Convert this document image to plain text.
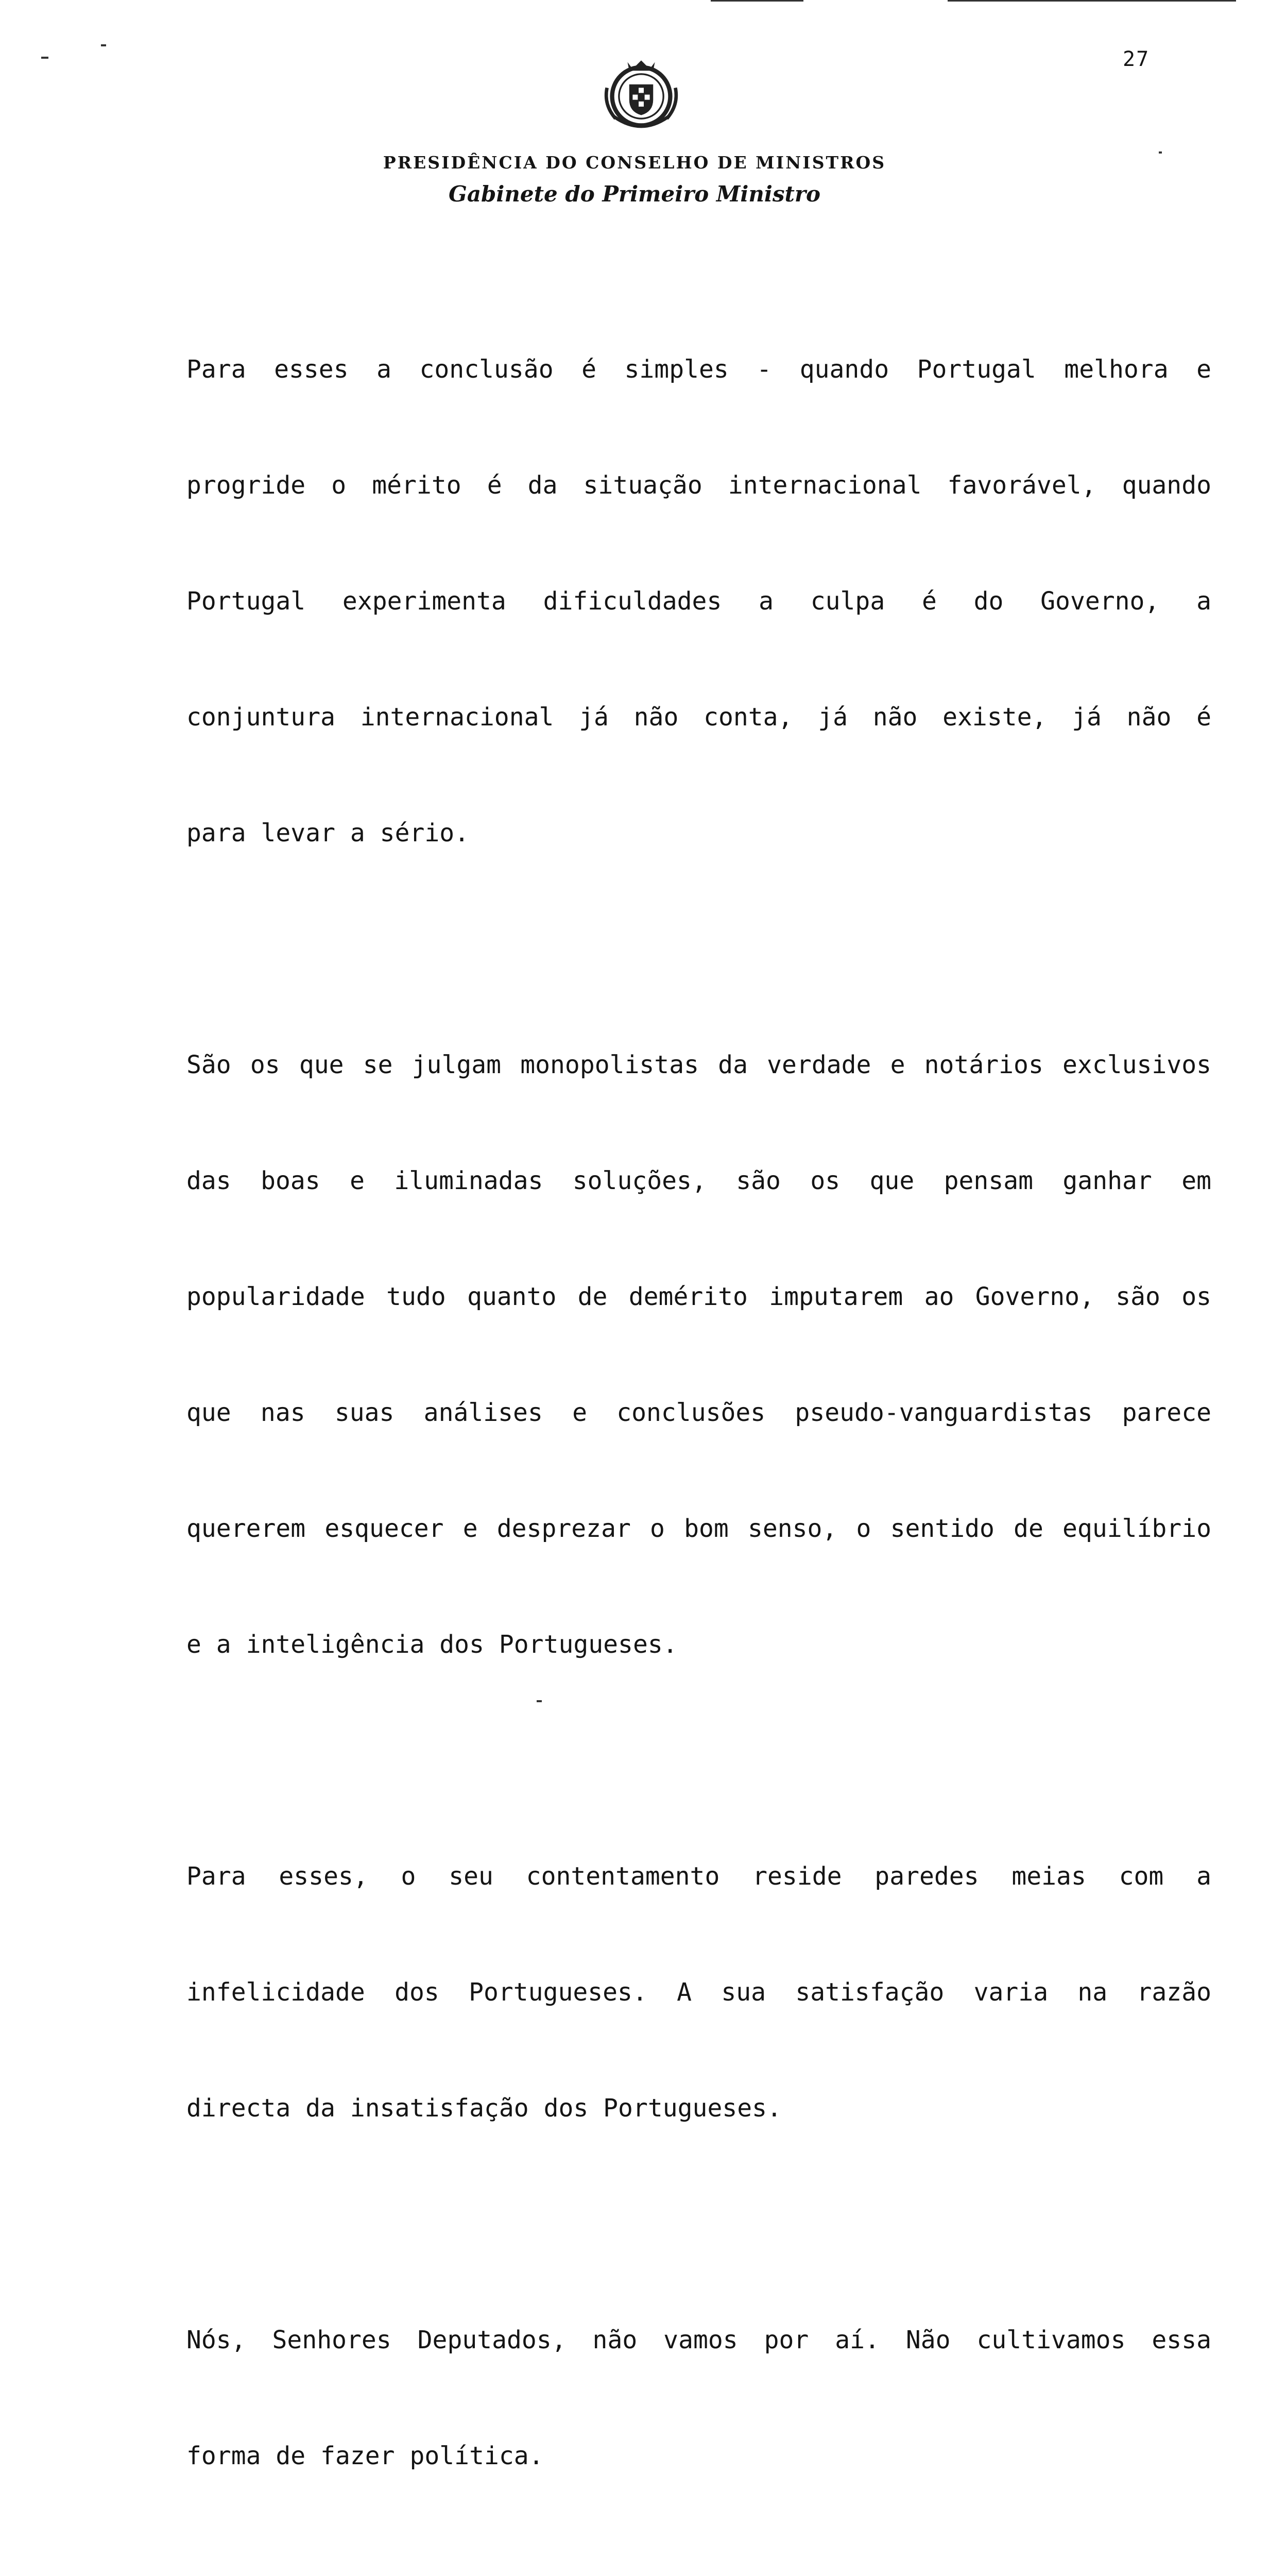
27
PRESIDÊNCIA DO CONSELHO DE MINISTROS
Gabinete do Primeiro Ministro

Para esses a conclusão é simples - quando Portugal melhora e

progride o mérito é da situação internacional favorável, quando

Portugal experimenta dificuldades a culpa é do Governo, a

conjuntura internacional já não conta, já não existe, já não é

para levar a sério.

São os que se julgam monopolistas da verdade e notários exclusivos

das boas e iluminadas soluções, são os que pensam ganhar em

popularidade tudo quanto de demérito imputarem ao Governo, são os

que nas suas análises e conclusões pseudo-vanguardistas parece

quererem esquecer e desprezar o bom senso, o sentido de equilíbrio

e a inteligência dos Portugueses.

Para esses, o seu contentamento reside paredes meias com a

infelicidade dos Portugueses. A sua satisfação varia na razão

directa da insatisfação dos Portugueses.

Nós, Senhores Deputados, não vamos por aí. Não cultivamos essa

forma de fazer política.
